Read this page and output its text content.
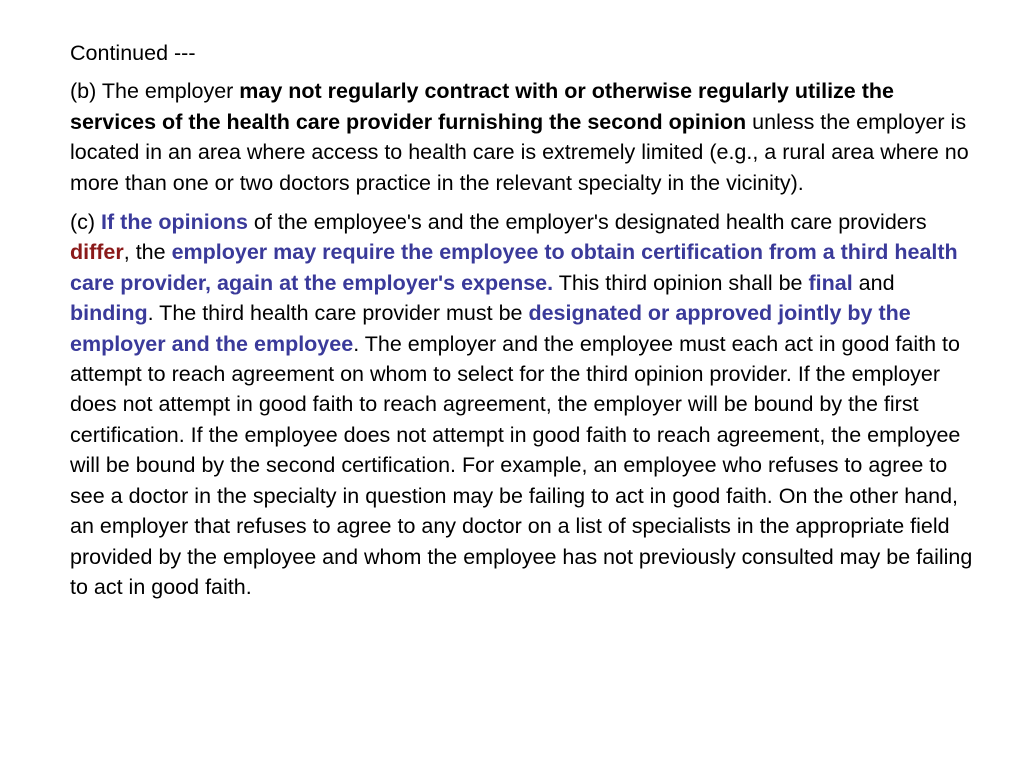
Continued ---

(b) The employer may not regularly contract with or otherwise regularly utilize the services of the health care provider furnishing the second opinion unless the employer is located in an area where access to health care is extremely limited (e.g., a rural area where no more than one or two doctors practice in the relevant specialty in the vicinity).

(c) If the opinions of the employee's and the employer's designated health care providers differ, the employer may require the employee to obtain certification from a third health care provider, again at the employer's expense. This third opinion shall be final and binding. The third health care provider must be designated or approved jointly by the employer and the employee. The employer and the employee must each act in good faith to attempt to reach agreement on whom to select for the third opinion provider. If the employer does not attempt in good faith to reach agreement, the employer will be bound by the first certification. If the employee does not attempt in good faith to reach agreement, the employee will be bound by the second certification. For example, an employee who refuses to agree to see a doctor in the specialty in question may be failing to act in good faith. On the other hand, an employer that refuses to agree to any doctor on a list of specialists in the appropriate field provided by the employee and whom the employee has not previously consulted may be failing to act in good faith.
